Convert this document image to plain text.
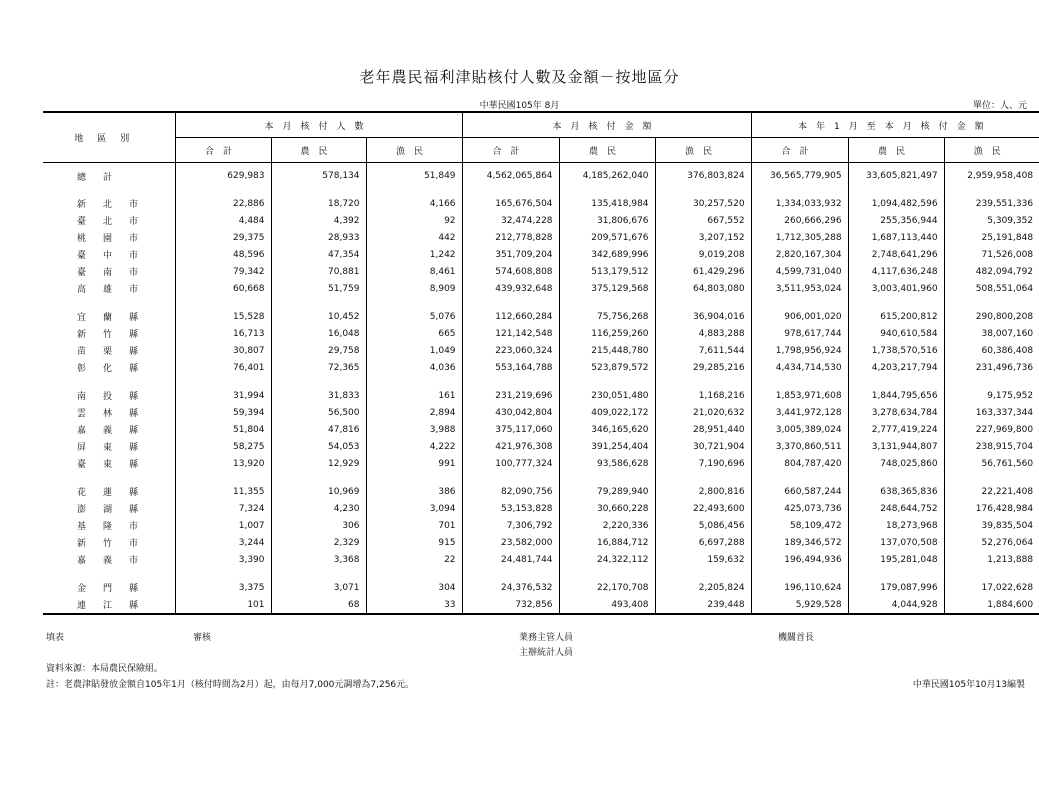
老年農民福利津貼核付人數及金額－按地區分
中華民國105年 8月	單位：人、元
地區別	本月核付人數			本月核付金額			本年1月至本月核付金額		
	合計	農民	漁民	合計	農民	漁民	合計	農民	漁民
總計	629,983	578,134	51,849	4,562,065,864	4,185,262,040	376,803,824	36,565,779,905	33,605,821,497	2,959,958,408

新北市	22,886	18,720	4,166	165,676,504	135,418,984	30,257,520	1,334,033,932	1,094,482,596	239,551,336
臺北市	4,484	4,392	92	32,474,228	31,806,676	667,552	260,666,296	255,356,944	5,309,352
桃園市	29,375	28,933	442	212,778,828	209,571,676	3,207,152	1,712,305,288	1,687,113,440	25,191,848
臺中市	48,596	47,354	1,242	351,709,204	342,689,996	9,019,208	2,820,167,304	2,748,641,296	71,526,008
臺南市	79,342	70,881	8,461	574,608,808	513,179,512	61,429,296	4,599,731,040	4,117,636,248	482,094,792
高雄市	60,668	51,759	8,909	439,932,648	375,129,568	64,803,080	3,511,953,024	3,003,401,960	508,551,064

宜蘭縣	15,528	10,452	5,076	112,660,284	75,756,268	36,904,016	906,001,020	615,200,812	290,800,208
新竹縣	16,713	16,048	665	121,142,548	116,259,260	4,883,288	978,617,744	940,610,584	38,007,160
苗栗縣	30,807	29,758	1,049	223,060,324	215,448,780	7,611,544	1,798,956,924	1,738,570,516	60,386,408
彰化縣	76,401	72,365	4,036	553,164,788	523,879,572	29,285,216	4,434,714,530	4,203,217,794	231,496,736

南投縣	31,994	31,833	161	231,219,696	230,051,480	1,168,216	1,853,971,608	1,844,795,656	9,175,952
雲林縣	59,394	56,500	2,894	430,042,804	409,022,172	21,020,632	3,441,972,128	3,278,634,784	163,337,344
嘉義縣	51,804	47,816	3,988	375,117,060	346,165,620	28,951,440	3,005,389,024	2,777,419,224	227,969,800
屏東縣	58,275	54,053	4,222	421,976,308	391,254,404	30,721,904	3,370,860,511	3,131,944,807	238,915,704
臺東縣	13,920	12,929	991	100,777,324	93,586,628	7,190,696	804,787,420	748,025,860	56,761,560

花蓮縣	11,355	10,969	386	82,090,756	79,289,940	2,800,816	660,587,244	638,365,836	22,221,408
澎湖縣	7,324	4,230	3,094	53,153,828	30,660,228	22,493,600	425,073,736	248,644,752	176,428,984
基隆市	1,007	306	701	7,306,792	2,220,336	5,086,456	58,109,472	18,273,968	39,835,504
新竹市	3,244	2,329	915	23,582,000	16,884,712	6,697,288	189,346,572	137,070,508	52,276,064
嘉義市	3,390	3,368	22	24,481,744	24,322,112	159,632	196,494,936	195,281,048	1,213,888

金門縣	3,375	3,071	304	24,376,532	22,170,708	2,205,824	196,110,624	179,087,996	17,022,628
連江縣	101	68	33	732,856	493,408	239,448	5,929,528	4,044,928	1,884,600
填表	審核	業務主管人員
主辦統計人員
機關首長
資料來源：本局農民保險組。
註：老農津貼發放金額自105年1月（核付時間為2月）起，由每月7,000元調增為7,256元。	中華民國105年10月13編製
